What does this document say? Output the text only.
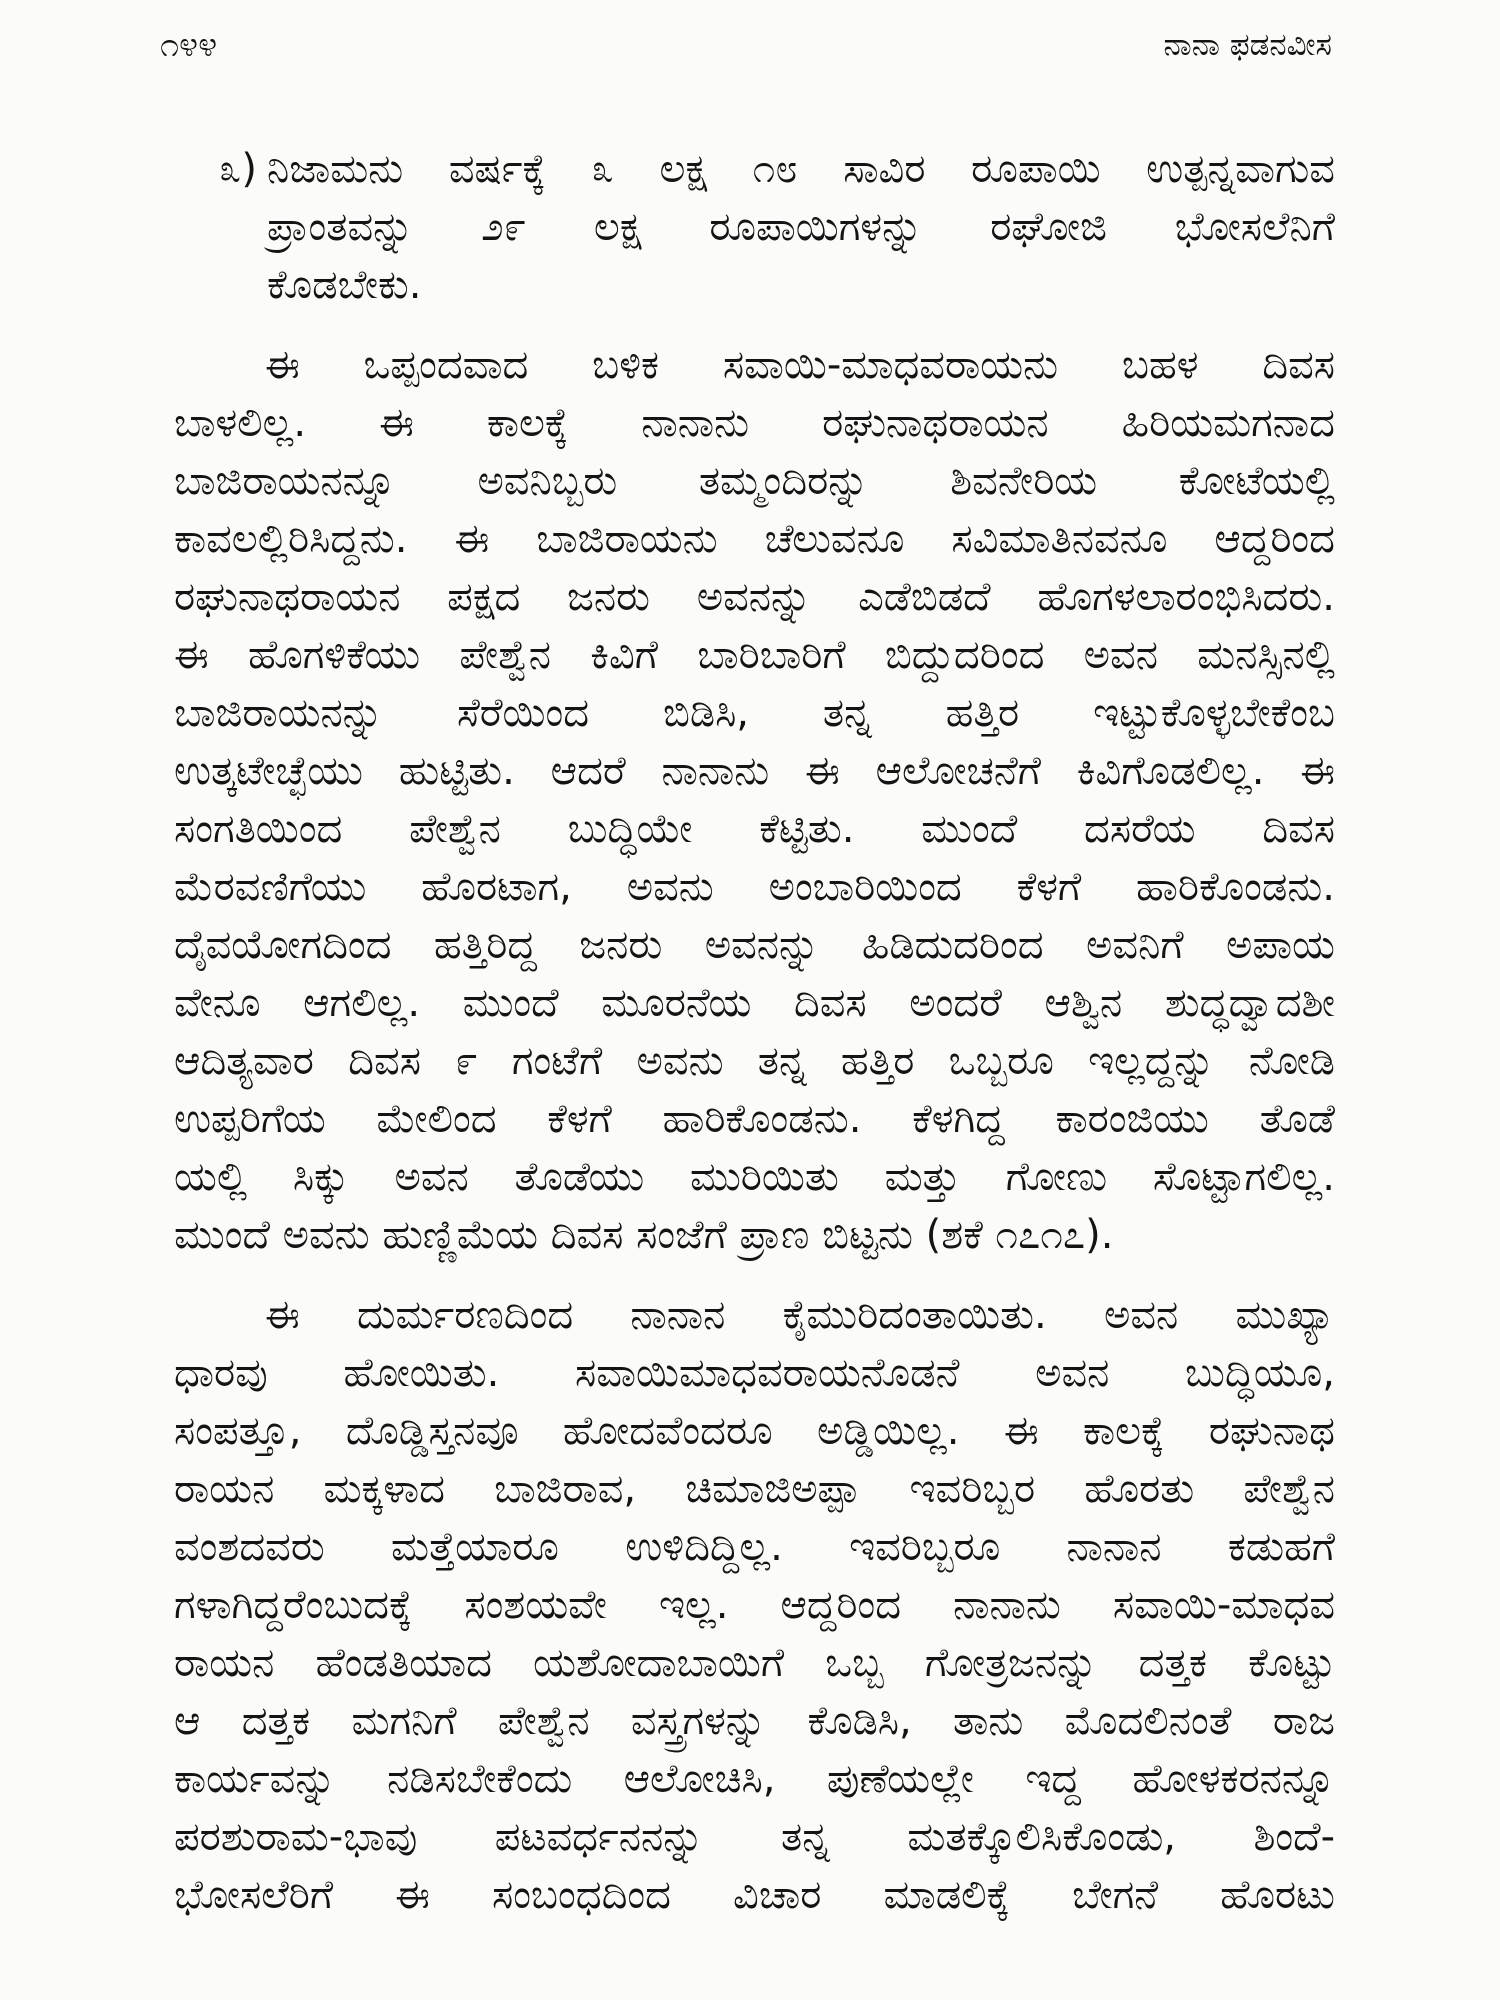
೧೪೪	ನಾನಾ ಫಡನವೀಸ
೩) ನಿಜಾಮನು ವರ್ಷಕ್ಕೆ ೩ ಲಕ್ಷ ೧೮ ಸಾವಿರ ರೂಪಾಯಿ ಉತ್ಪನ್ನವಾಗುವ
ಪ್ರಾಂತವನ್ನು ೨೯ ಲಕ್ಷ ರೂಪಾಯಿಗಳನ್ನು ರಘೋಜಿ ಭೋಸಲೆನಿಗೆ
ಕೊಡಬೇಕು.
ಈ ಒಪ್ಪಂದವಾದ ಬಳಿಕ ಸವಾಯಿ-ಮಾಧವರಾಯನು ಬಹಳ ದಿವಸ
ಬಾಳಲಿಲ್ಲ. ಈ ಕಾಲಕ್ಕೆ ನಾನಾನು ರಘುನಾಥರಾಯನ ಹಿರಿಯಮಗನಾದ
ಬಾಜಿರಾಯನನ್ನೂ ಅವನಿಬ್ಬರು ತಮ್ಮಂದಿರನ್ನು ಶಿವನೇರಿಯ ಕೋಟೆಯಲ್ಲಿ
ಕಾವಲಲ್ಲಿರಿಸಿದ್ದನು. ಈ ಬಾಜಿರಾಯನು ಚೆಲುವನೂ ಸವಿಮಾತಿನವನೂ ಆದ್ದರಿಂದ
ರಘುನಾಥರಾಯನ ಪಕ್ಷದ ಜನರು ಅವನನ್ನು ಎಡೆಬಿಡದೆ ಹೊಗಳಲಾರಂಭಿಸಿದರು.
ಈ ಹೊಗಳಿಕೆಯು ಪೇಶ್ವೆನ ಕಿವಿಗೆ ಬಾರಿಬಾರಿಗೆ ಬಿದ್ದುದರಿಂದ ಅವನ ಮನಸ್ಸಿನಲ್ಲಿ
ಬಾಜಿರಾಯನನ್ನು ಸೆರೆಯಿಂದ ಬಿಡಿಸಿ, ತನ್ನ ಹತ್ತಿರ ಇಟ್ಟುಕೊಳ್ಳಬೇಕೆಂಬ
ಉತ್ಕಟೇಚ್ಛೆಯು ಹುಟ್ಟಿತು. ಆದರೆ ನಾನಾನು ಈ ಆಲೋಚನೆಗೆ ಕಿವಿಗೊಡಲಿಲ್ಲ. ಈ
ಸಂಗತಿಯಿಂದ ಪೇಶ್ವೆನ ಬುದ್ಧಿಯೇ ಕೆಟ್ಟಿತು. ಮುಂದೆ ದಸರೆಯ ದಿವಸ
ಮೆರವಣಿಗೆಯು ಹೊರಟಾಗ, ಅವನು ಅಂಬಾರಿಯಿಂದ ಕೆಳಗೆ ಹಾರಿಕೊಂಡನು.
ದೈವಯೋಗದಿಂದ ಹತ್ತಿರಿದ್ದ ಜನರು ಅವನನ್ನು ಹಿಡಿದುದರಿಂದ ಅವನಿಗೆ ಅಪಾಯ
ವೇನೂ ಆಗಲಿಲ್ಲ. ಮುಂದೆ ಮೂರನೆಯ ದಿವಸ ಅಂದರೆ ಆಶ್ವಿನ ಶುದ್ಧದ್ವಾದಶೀ
ಆದಿತ್ಯವಾರ ದಿವಸ ೯ ಗಂಟೆಗೆ ಅವನು ತನ್ನ ಹತ್ತಿರ ಒಬ್ಬರೂ ಇಲ್ಲದ್ದನ್ನು ನೋಡಿ
ಉಪ್ಪರಿಗೆಯ ಮೇಲಿಂದ ಕೆಳಗೆ ಹಾರಿಕೊಂಡನು. ಕೆಳಗಿದ್ದ ಕಾರಂಜಿಯು ತೊಡೆ
ಯಲ್ಲಿ ಸಿಕ್ಕು ಅವನ ತೊಡೆಯು ಮುರಿಯಿತು ಮತ್ತು ಗೋಣು ಸೊಟ್ಟಾಗಲಿಲ್ಲ.
ಮುಂದೆ ಅವನು ಹುಣ್ಣಿಮೆಯ ದಿವಸ ಸಂಜೆಗೆ ಪ್ರಾಣ ಬಿಟ್ಟನು (ಶಕೆ ೧೭೧೭).
ಈ ದುರ್ಮರಣದಿಂದ ನಾನಾನ ಕೈಮುರಿದಂತಾಯಿತು. ಅವನ ಮುಖ್ಯಾ
ಧಾರವು ಹೋಯಿತು. ಸವಾಯಿಮಾಧವರಾಯನೊಡನೆ ಅವನ ಬುದ್ಧಿಯೂ,
ಸಂಪತ್ತೂ, ದೊಡ್ಡಿಸ್ತನವೂ ಹೋದವೆಂದರೂ ಅಡ್ಡಿಯಿಲ್ಲ. ಈ ಕಾಲಕ್ಕೆ ರಘುನಾಥ
ರಾಯನ ಮಕ್ಕಳಾದ ಬಾಜಿರಾವ, ಚಿಮಾಜಿಅಪ್ಪಾ ಇವರಿಬ್ಬರ ಹೊರತು ಪೇಶ್ವೆನ
ವಂಶದವರು ಮತ್ತೆಯಾರೂ ಉಳಿದಿದ್ದಿಲ್ಲ. ಇವರಿಬ್ಬರೂ ನಾನಾನ ಕಡುಹಗೆ
ಗಳಾಗಿದ್ದರೆಂಬುದಕ್ಕೆ ಸಂಶಯವೇ ಇಲ್ಲ. ಆದ್ದರಿಂದ ನಾನಾನು ಸವಾಯಿ-ಮಾಧವ
ರಾಯನ ಹೆಂಡತಿಯಾದ ಯಶೋದಾಬಾಯಿಗೆ ಒಬ್ಬ ಗೋತ್ರಜನನ್ನು ದತ್ತಕ ಕೊಟ್ಟು
ಆ ದತ್ತಕ ಮಗನಿಗೆ ಪೇಶ್ವೆನ ವಸ್ತ್ರಗಳನ್ನು ಕೊಡಿಸಿ, ತಾನು ಮೊದಲಿನಂತೆ ರಾಜ
ಕಾರ್ಯವನ್ನು ನಡಿಸಬೇಕೆಂದು ಆಲೋಚಿಸಿ, ಪುಣೆಯಲ್ಲೇ ಇದ್ದ ಹೋಳಕರನನ್ನೂ
ಪರಶುರಾಮ-ಭಾವು ಪಟವರ್ಧನನನ್ನು ತನ್ನ ಮತಕ್ಕೊಲಿಸಿಕೊಂಡು, ಶಿಂದೆ-
ಭೋಸಲೆರಿಗೆ ಈ ಸಂಬಂಧದಿಂದ ವಿಚಾರ ಮಾಡಲಿಕ್ಕೆ ಬೇಗನೆ ಹೊರಟು
